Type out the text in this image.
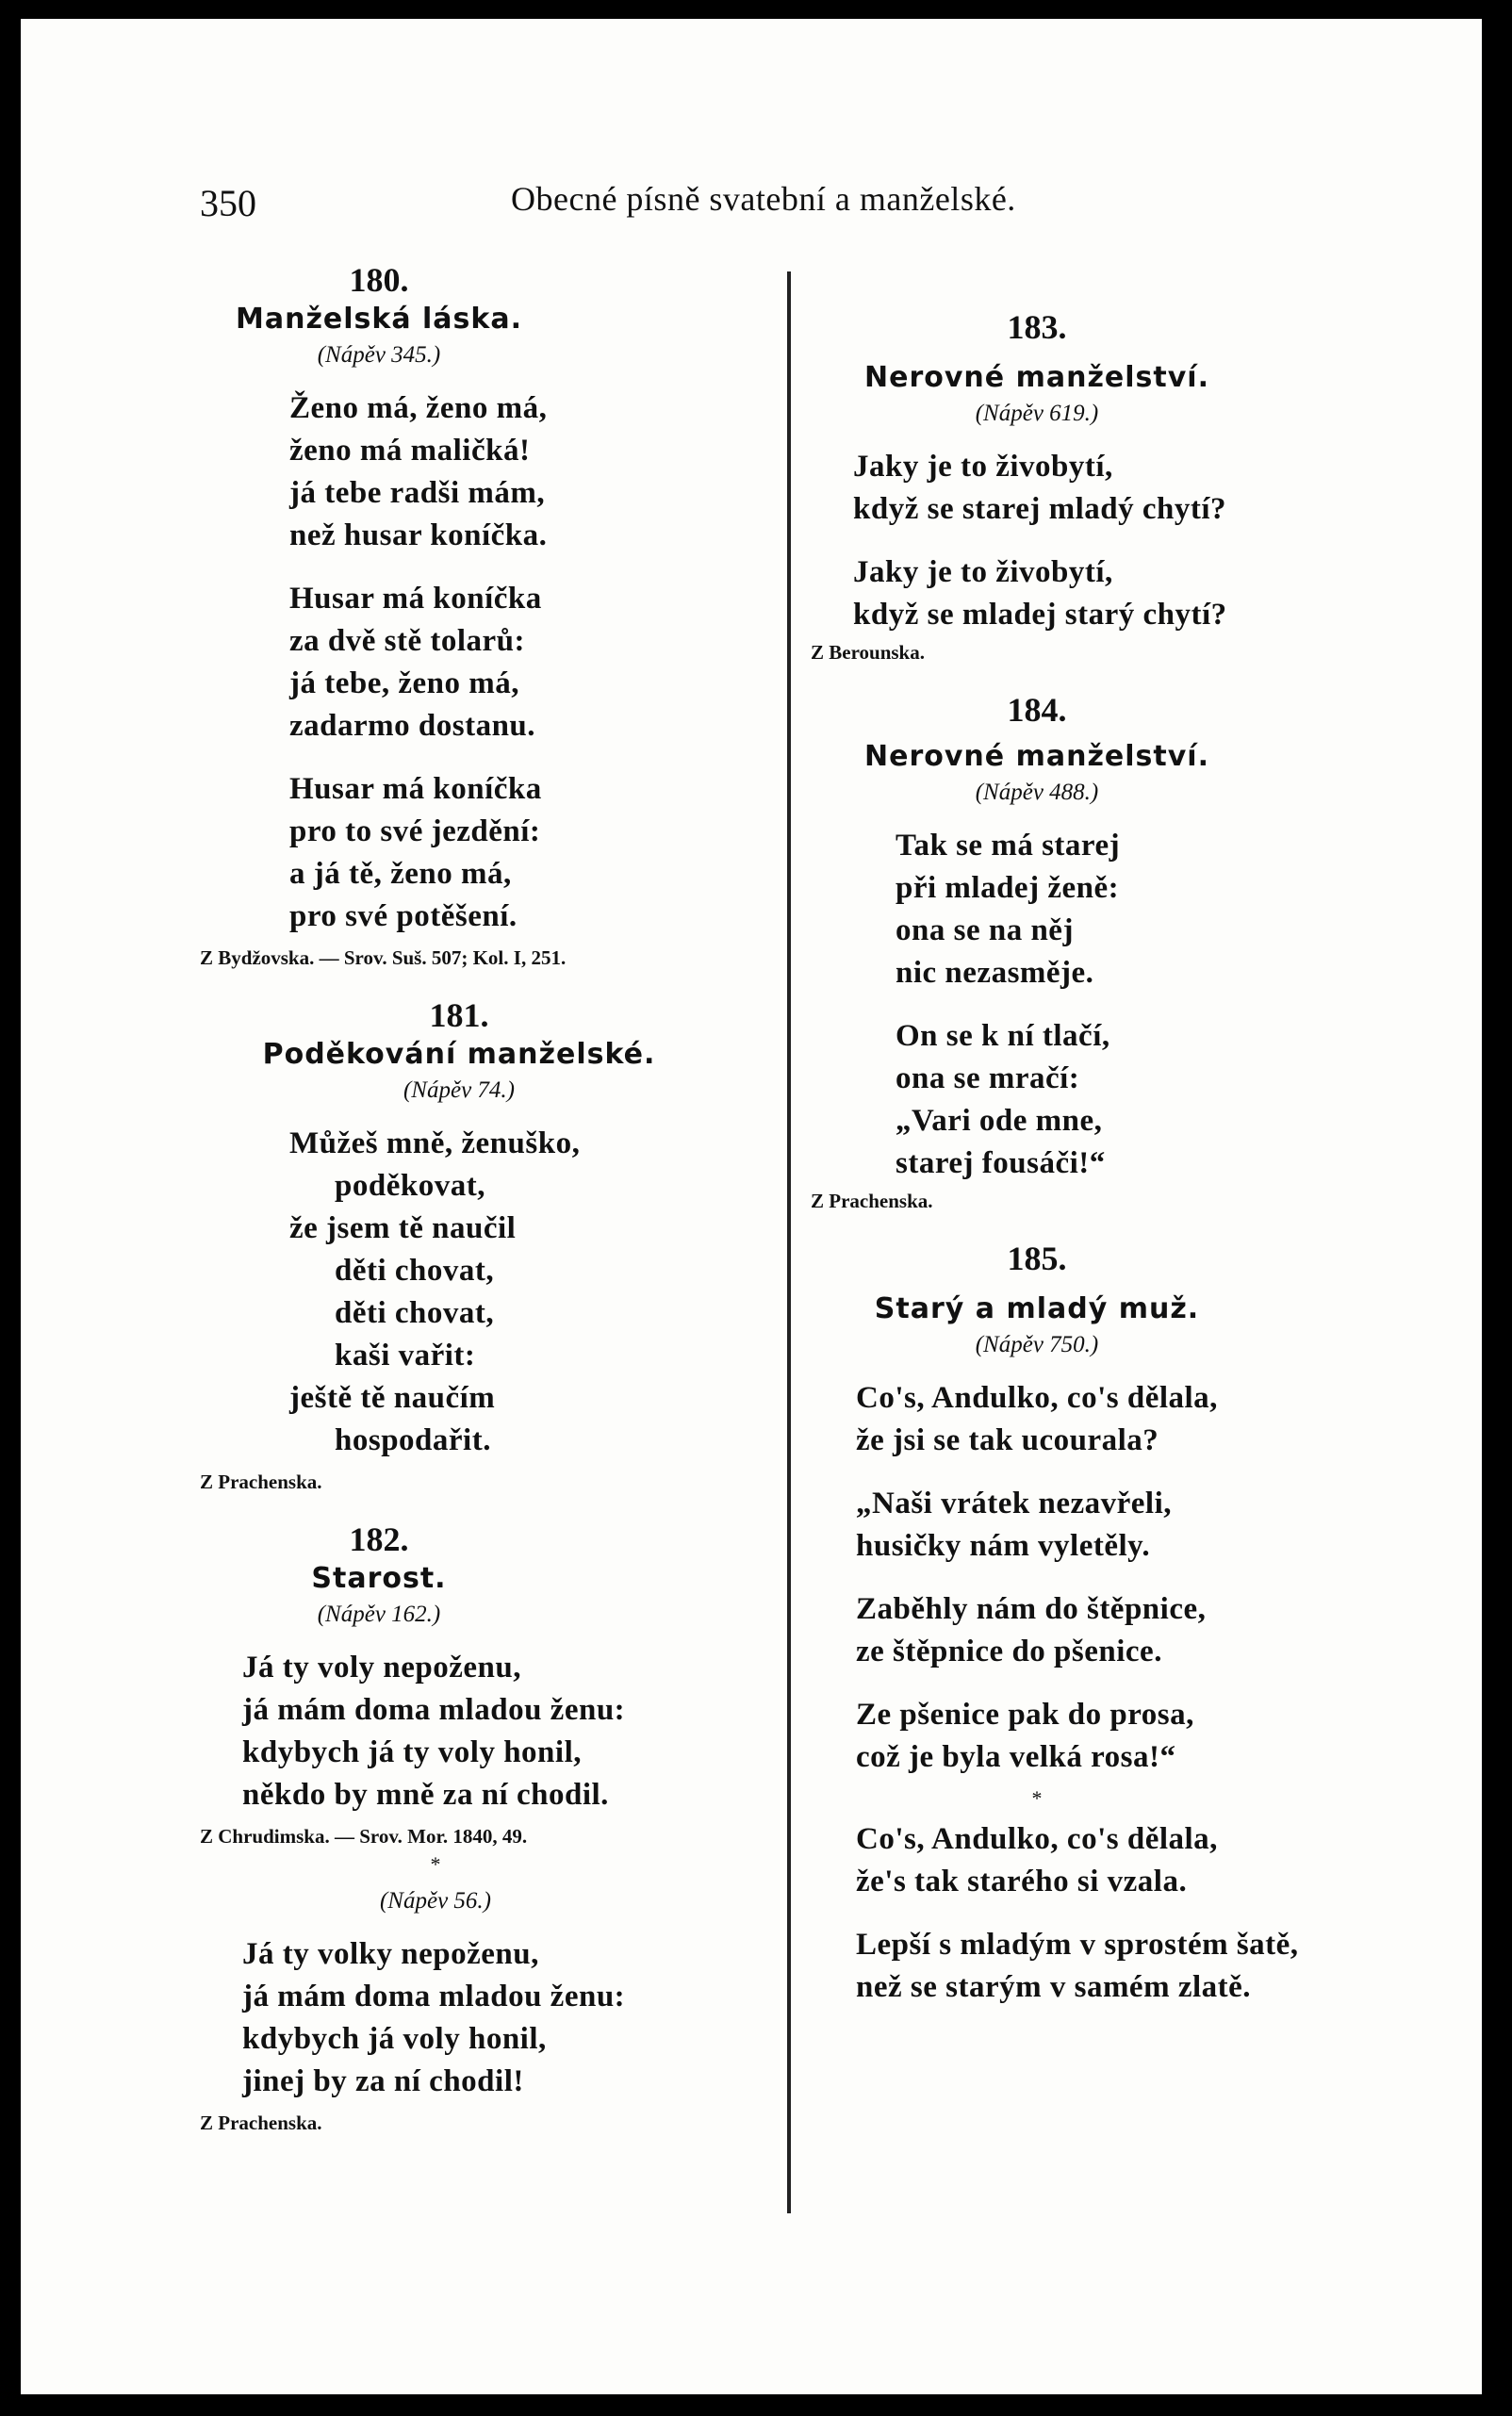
350	Obecné písně svatební a manželské.
180.
Manželská láska.
(Nápěv 345.)
Ženo má, ženo má,
ženo má maličká!
já tebe radši mám,
než husar koníčka.
Husar má koníčka
za dvě stě tolarů:
já tebe, ženo má,
zadarmo dostanu.
Husar má koníčka
pro to své jezdění:
a já tě, ženo má,
pro své potěšení.
Z Bydžovska. — Srov. Suš. 507; Kol. I, 251.
181.
Poděkování manželské.
(Nápěv 74.)
Můžeš mně, ženuško,
poděkovat,
že jsem tě naučil
děti chovat,
děti chovat,
kaši vařit:
ještě tě naučím
hospodařit.
Z Prachenska.
182.
Starost.
(Nápěv 162.)
Já ty voly nepoženu,
já mám doma mladou ženu:
kdybych já ty voly honil,
někdo by mně za ní chodil.
Z Chrudimska. — Srov. Mor. 1840, 49.
*
(Nápěv 56.)
Já ty volky nepoženu,
já mám doma mladou ženu:
kdybych já voly honil,
jinej by za ní chodil!
Z Prachenska.
183.
Nerovné manželství.
(Nápěv 619.)
Jaky je to živobytí,
když se starej mladý chytí?
Jaky je to živobytí,
když se mladej starý chytí?
Z Berounska.
184.
Nerovné manželství.
(Nápěv 488.)
Tak se má starej
při mladej ženě:
ona se na něj
nic nezasměje.
On se k ní tlačí,
ona se mračí:
„Vari ode mne,
starej fousáči!“
Z Prachenska.
185.
Starý a mladý muž.
(Nápěv 750.)
Co's, Andulko, co's dělala,
že jsi se tak ucourala?
„Naši vrátek nezavřeli,
husičky nám vyletěly.
Zaběhly nám do štěpnice,
ze štěpnice do pšenice.
Ze pšenice pak do prosa,
což je byla velká rosa!“
*
Co's, Andulko, co's dělala,
že's tak starého si vzala.
Lepší s mladým v sprostém šatě,
než se starým v samém zlatě.
